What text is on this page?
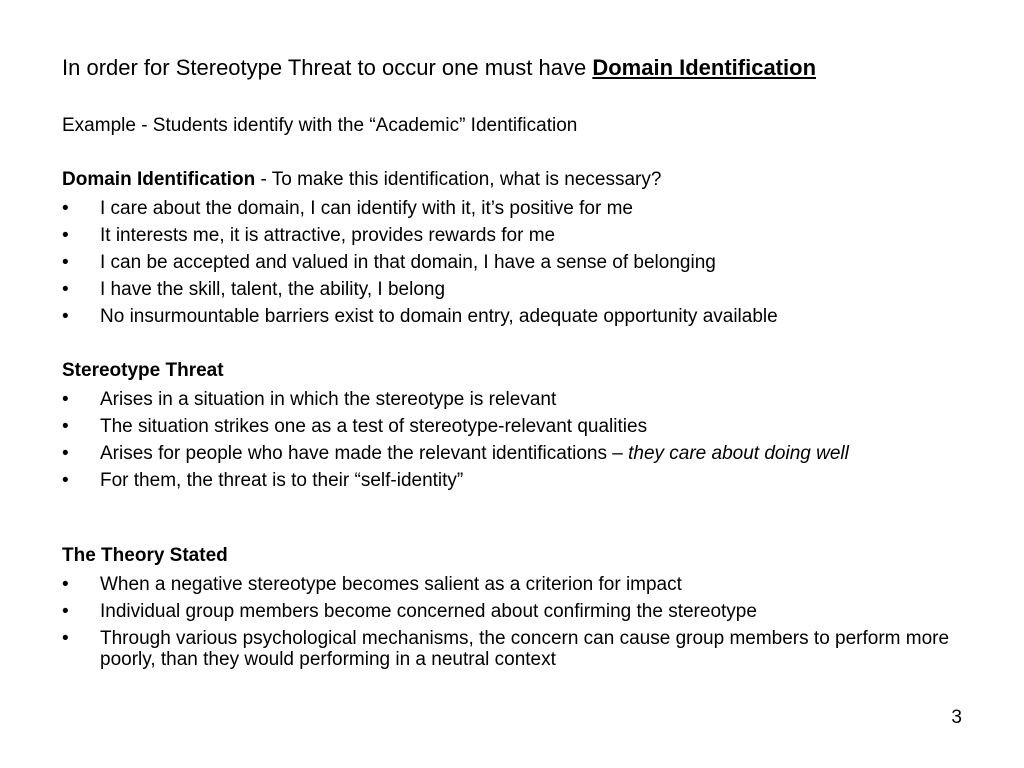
In order for Stereotype Threat to occur one must have Domain Identification
Example - Students identify with the “Academic” Identification
Domain Identification - To make this identification, what is necessary?
• I care about the domain, I can identify with it, it’s positive for me
• It interests me, it is attractive, provides rewards for me
• I can be accepted and valued in that domain, I have a sense of belonging
• I have the skill, talent, the ability, I belong
• No insurmountable barriers exist to domain entry, adequate opportunity available
Stereotype Threat
• Arises in a situation in which the stereotype is relevant
• The situation strikes one as a test of stereotype-relevant qualities
• Arises for people who have made the relevant identifications – they care about doing well
• For them, the threat is to their “self-identity”
The Theory Stated
• When a negative stereotype becomes salient as a criterion for impact
• Individual group members become concerned about confirming the stereotype
• Through various psychological mechanisms, the concern can cause group members to perform more poorly, than they would performing in a neutral context
3
